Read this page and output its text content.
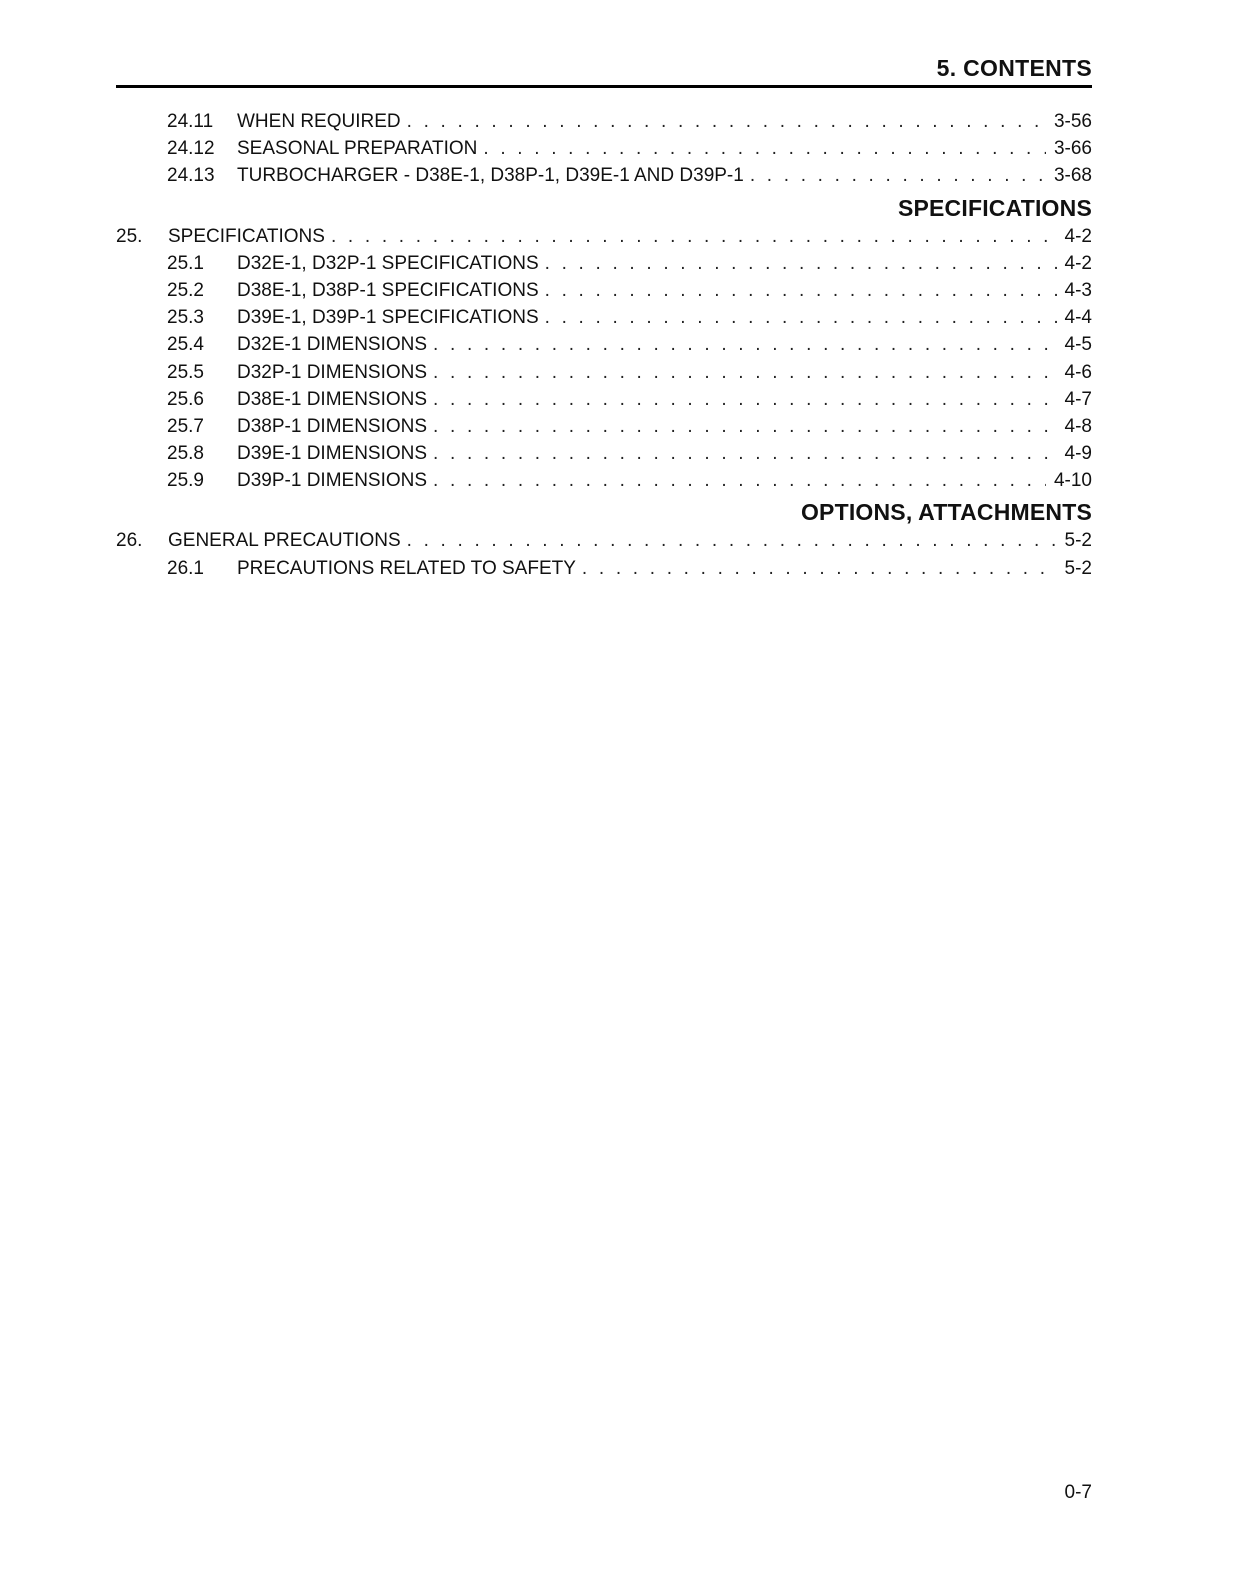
5. CONTENTS
24.11	WHEN REQUIRED . . .	3-56
24.12	SEASONAL PREPARATION . . .	3-66
24.13	TURBOCHARGER - D38E-1, D38P-1, D39E-1 AND D39P-1 . . .	3-68
SPECIFICATIONS
25.	SPECIFICATIONS . . .	4-2
25.1	D32E-1, D32P-1 SPECIFICATIONS . . .	4-2
25.2	D38E-1, D38P-1 SPECIFICATIONS . . .	4-3
25.3	D39E-1, D39P-1 SPECIFICATIONS . . .	4-4
25.4	D32E-1 DIMENSIONS . . .	4-5
25.5	D32P-1 DIMENSIONS . . .	4-6
25.6	D38E-1 DIMENSIONS . . .	4-7
25.7	D38P-1 DIMENSIONS . . .	4-8
25.8	D39E-1 DIMENSIONS . . .	4-9
25.9	D39P-1 DIMENSIONS . . .	4-10
OPTIONS, ATTACHMENTS
26.	GENERAL PRECAUTIONS . . .	5-2
26.1	PRECAUTIONS RELATED TO SAFETY . . .	5-2
0-7
